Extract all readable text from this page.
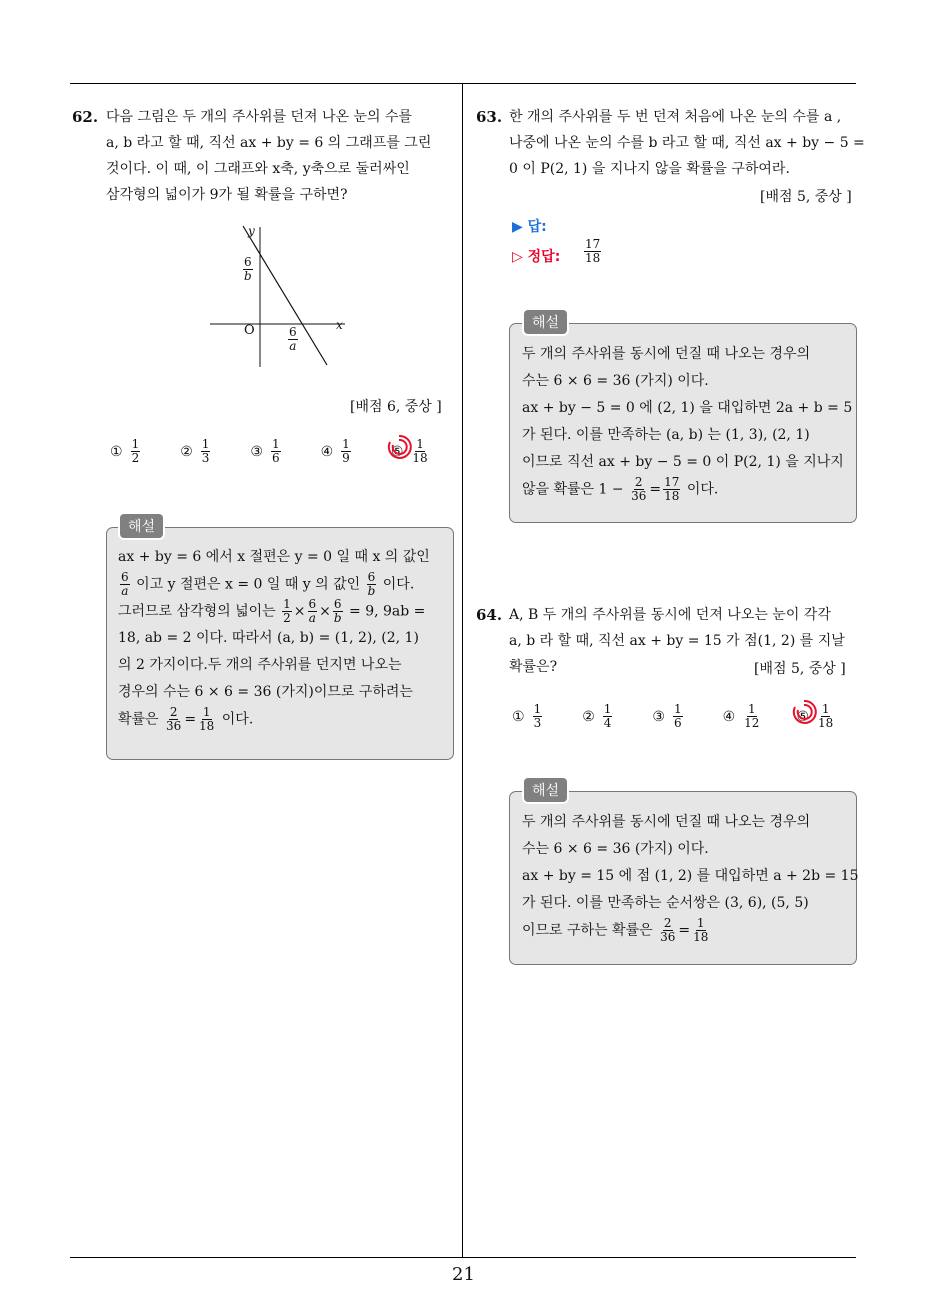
62. 다음 그림은 두 개의 주사위를 던져 나온 눈의 수를
a, b 라고 할 때, 직선 ax + by = 6 의 그래프를 그린
것이다. 이 때, 이 그래프와 x축, y축으로 둘러싸인
삼각형의 넓이가 9가 될 확률을 구하면?
y
x
O
$\frac{6}{b}$
$\frac{6}{a}$
[배점 6, 중상 ]
① $\frac{1}{2}$	② $\frac{1}{3}$	③ $\frac{1}{6}$	④ $\frac{1}{9}$	⑤ $\frac{1}{18}$
ax + by = 6 에서 x 절편은 y = 0 일 때 x 의 값인
$\frac{6}{a}$ 이고 y 절편은 x = 0 일 때 y 의 값인 $\frac{6}{b}$ 이다.
그러므로 삼각형의 넓이는 $\frac{1}{2} \times \frac{6}{a} \times \frac{6}{b} = 9$, 9ab =
18, ab = 2 이다. 따라서 (a, b) = (1, 2), (2, 1)
의 2 가지이다.두 개의 주사위를 던지면 나오는
경우의 수는 6 × 6 = 36 (가지)이므로 구하려는
확률은 $\frac{2}{36} = \frac{1}{18}$ 이다.
해설
63. 한 개의 주사위를 두 번 던져 처음에 나온 눈의 수를 a ,
나중에 나온 눈의 수를 b 라고 할 때, 직선 ax + by − 5 =
0 이 P(2, 1) 을 지나지 않을 확률을 구하여라.
[배점 5, 중상 ]
▶ 답:
▷ 정답: $\frac{17}{18}$
두 개의 주사위를 동시에 던질 때 나오는 경우의
수는 6 × 6 = 36 (가지) 이다.
ax + by − 5 = 0 에 (2, 1) 을 대입하면 2a + b = 5
가 된다. 이를 만족하는 (a, b) 는 (1, 3), (2, 1)
이므로 직선 ax + by − 5 = 0 이 P(2, 1) 을 지나지
않을 확률은 $1 - \frac{2}{36} = \frac{17}{18}$ 이다.
해설
64. A, B 두 개의 주사위를 동시에 던져 나오는 눈이 각각
a, b 라 할 때, 직선 ax + by = 15 가 점(1, 2) 를 지날
확률은?	[배점 5, 중상 ]
① $\frac{1}{3}$	② $\frac{1}{4}$	③ $\frac{1}{6}$	④ $\frac{1}{12}$	⑤ $\frac{1}{18}$
두 개의 주사위를 동시에 던질 때 나오는 경우의
수는 6 × 6 = 36 (가지) 이다.
ax + by = 15 에 점 (1, 2) 를 대입하면 a + 2b = 15
가 된다. 이를 만족하는 순서쌍은 (3, 6), (5, 5)
이므로 구하는 확률은 $\frac{2}{36} = \frac{1}{18}$
해설
21
